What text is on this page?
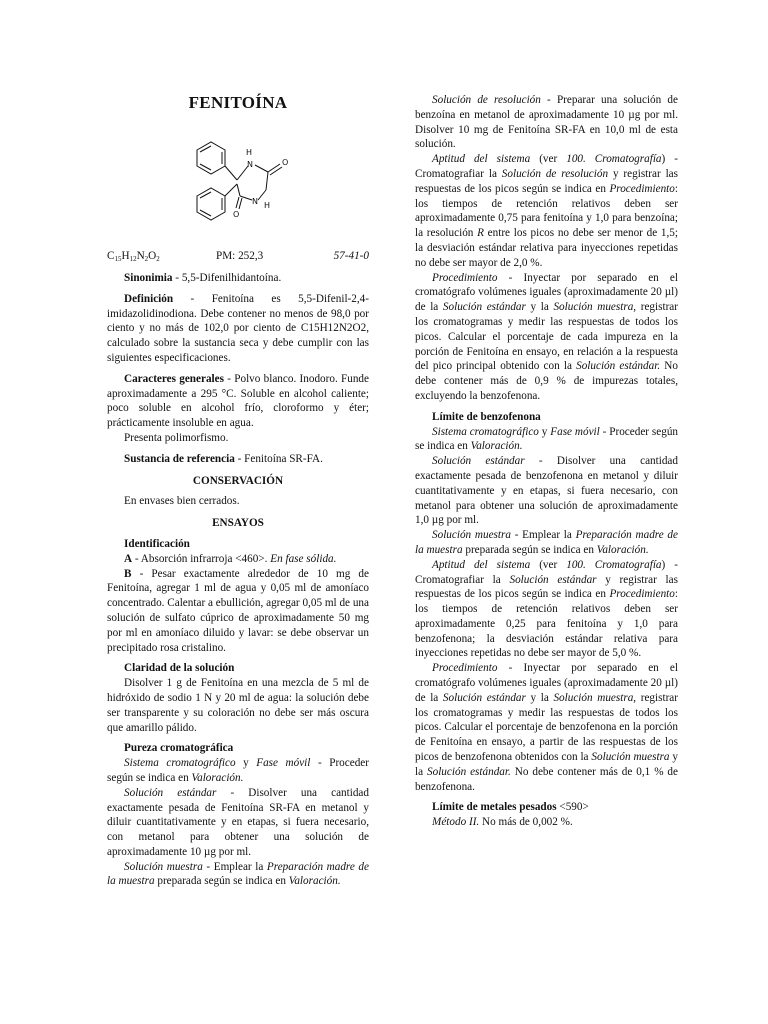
FENITOÍNA
H
N	O
O
N H
$C_{15}H_{12}N_2O_2$	PM: 252,3	57-41-0

Sinonimia - 5,5-Difenilhidantoína.

Definición - Fenitoína es 5,5-Difenil-2,4-imidazolidinodiona. Debe contener no menos de 98,0 por ciento y no más de 102,0 por ciento de C15H12N2O2, calculado sobre la sustancia seca y debe cumplir con las siguientes especificaciones.

Caracteres generales - Polvo blanco. Inodoro. Funde aproximadamente a 295 °C. Soluble en alcohol caliente; poco soluble en alcohol frío, cloroformo y éter; prácticamente insoluble en agua.

Presenta polimorfismo.

Sustancia de referencia - Fenitoína SR-FA.

CONSERVACIÓN

En envases bien cerrados.

ENSAYOS

Identificación

A - Absorción infrarroja <460>. En fase sólida.

B - Pesar exactamente alrededor de 10 mg de Fenitoína, agregar 1 ml de agua y 0,05 ml de amoníaco concentrado. Calentar a ebullición, agregar 0,05 ml de una solución de sulfato cúprico de aproximadamente 50 mg por ml en amoníaco diluido y lavar: se debe observar un precipitado rosa cristalino.

Claridad de la solución

Disolver 1 g de Fenitoína en una mezcla de 5 ml de hidróxido de sodio 1 N y 20 ml de agua: la solución debe ser transparente y su coloración no debe ser más oscura que amarillo pálido.

Pureza cromatográfica

Sistema cromatográfico y Fase móvil - Proceder según se indica en Valoración.

Solución estándar - Disolver una cantidad exactamente pesada de Fenitoína SR-FA en metanol y diluir cuantitativamente y en etapas, si fuera necesario, con metanol para obtener una solución de aproximadamente 10 µg por ml.

Solución muestra - Emplear la Preparación madre de la muestra preparada según se indica en Valoración.

Solución de resolución - Preparar una solución de benzoína en metanol de aproximadamente 10 µg por ml. Disolver 10 mg de Fenitoína SR-FA en 10,0 ml de esta solución.

Aptitud del sistema (ver 100. Cromatografía) - Cromatografiar la Solución de resolución y registrar las respuestas de los picos según se indica en Procedimiento: los tiempos de retención relativos deben ser aproximadamente 0,75 para fenitoína y 1,0 para benzoína; la resolución R entre los picos no debe ser menor de 1,5; la desviación estándar relativa para inyecciones repetidas no debe ser mayor de 2,0 %.

Procedimiento - Inyectar por separado en el cromatógrafo volúmenes iguales (aproximadamente 20 µl) de la Solución estándar y la Solución muestra, registrar los cromatogramas y medir las respuestas de todos los picos. Calcular el porcentaje de cada impureza en la porción de Fenitoína en ensayo, en relación a la respuesta del pico principal obtenido con la Solución estándar. No debe contener más de 0,9 % de impurezas totales, excluyendo la benzofenona.

Límite de benzofenona

Sistema cromatográfico y Fase móvil - Proceder según se indica en Valoración.

Solución estándar - Disolver una cantidad exactamente pesada de benzofenona en metanol y diluir cuantitativamente y en etapas, si fuera necesario, con metanol para obtener una solución de aproximadamente 1,0 µg por ml.

Solución muestra - Emplear la Preparación madre de la muestra preparada según se indica en Valoración.

Aptitud del sistema (ver 100. Cromatografía) - Cromatografiar la Solución estándar y registrar las respuestas de los picos según se indica en Procedimiento: los tiempos de retención relativos deben ser aproximadamente 0,25 para fenitoína y 1,0 para benzofenona; la desviación estándar relativa para inyecciones repetidas no debe ser mayor de 5,0 %.

Procedimiento - Inyectar por separado en el cromatógrafo volúmenes iguales (aproximadamente 20 µl) de la Solución estándar y la Solución muestra, registrar los cromatogramas y medir las respuestas de todos los picos. Calcular el porcentaje de benzofenona en la porción de Fenitoína en ensayo, a partir de las respuestas de los picos de benzofenona obtenidos con la Solución muestra y la Solución estándar. No debe contener más de 0,1 % de benzofenona.

Límite de metales pesados <590>

Método II. No más de 0,002 %.
